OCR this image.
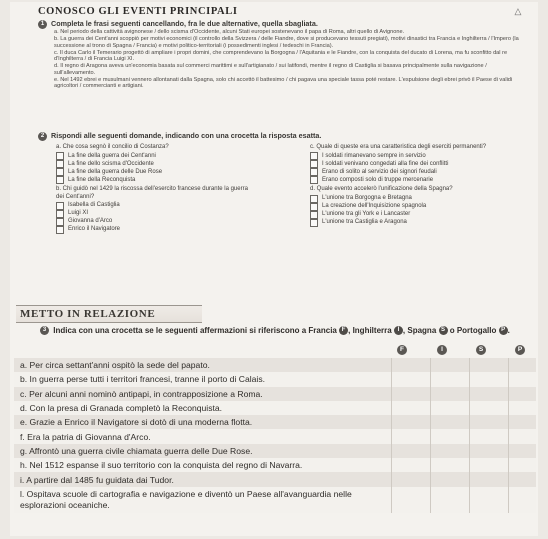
CONOSCO GLI EVENTI PRINCIPALI	△
1 Completa le frasi seguenti cancellando, fra le due alternative, quella sbagliata.

a. Nel periodo della cattività avignonese / dello scisma d'Occidente, alcuni Stati europei sostenevano il papa di Roma, altri quello di Avignone.

b. La guerra dei Cent'anni scoppiò per motivi economici (il controllo della Svizzera / delle Fiandre, dove si producevano tessuti pregiati), motivi dinastici tra Francia e Inghilterra / l'Impero (la successione al trono di Spagna / Francia) e motivi politico-territoriali (i possedimenti inglesi / tedeschi in Francia).

c. Il duca Carlo il Temerario progettò di ampliare i propri domini, che comprendevano la Borgogna / l'Aquitania e le Fiandre, con la conquista del ducato di Lorena, ma fu sconfitto dal re d'Inghilterra / di Francia Luigi XI.

d. Il regno di Aragona aveva un'economia basata sul commerci marittimi e sull'artigianato / sui latifondi, mentre il regno di Castiglia si basava principalmente sulla navigazione / sull'allevamento.

e. Nel 1492 ebrei e musulmani vennero allontanati dalla Spagna, solo chi accettò il battesimo / chi pagava una speciale tassa poté restare. L'espulsione degli ebrei privò il Paese di validi agricoltori / commercianti e artigiani.

2 Rispondi alle seguenti domande, indicando con una crocetta la risposta esatta.
a. Che cosa segnò il concilio di Costanza?
La fine della guerra dei Cent'anni
La fine dello scisma d'Occidente
La fine della guerra delle Due Rose
La fine della Reconquista
b. Chi guidò nel 1429 la riscossa dell'esercito francese durante la guerra dei Cent'anni?
Isabella di Castiglia
Luigi XI
Giovanna d'Arco
Enrico il Navigatore
c. Quale di queste era una caratteristica degli eserciti permanenti?
I soldati rimanevano sempre in servizio
I soldati venivano congedati alla fine dei conflitti
Erano di solito al servizio dei signori feudali
Erano composti solo di truppe mercenarie
d. Quale evento accelerò l'unificazione della Spagna?
L'unione tra Borgogna e Bretagna
La creazione dell'Inquisizione spagnola
L'unione tra gli York e i Lancaster
L'unione tra Castiglia e Aragona
METTO IN RELAZIONE
3 Indica con una crocetta se le seguenti affermazioni si riferiscono a Francia F , Inghilterra I , Spagna S o Portogallo P .
F	I	S	P
a. Per circa settant'anni ospitò la sede del papato.
b. In guerra perse tutti i territori francesi, tranne il porto di Calais.
c. Per alcuni anni nominò antipapi, in contrapposizione a Roma.
d. Con la presa di Granada completò la Reconquista.
e. Grazie a Enrico il Navigatore si dotò di una moderna flotta.
f. Era la patria di Giovanna d'Arco.
g. Affrontò una guerra civile chiamata guerra delle Due Rose.
h. Nel 1512 espanse il suo territorio con la conquista del regno di Navarra.
i. A partire dal 1485 fu guidata dai Tudor.
l. Ospitava scuole di cartografia e navigazione e diventò un Paese all'avanguardia nelle esplorazioni oceaniche.
